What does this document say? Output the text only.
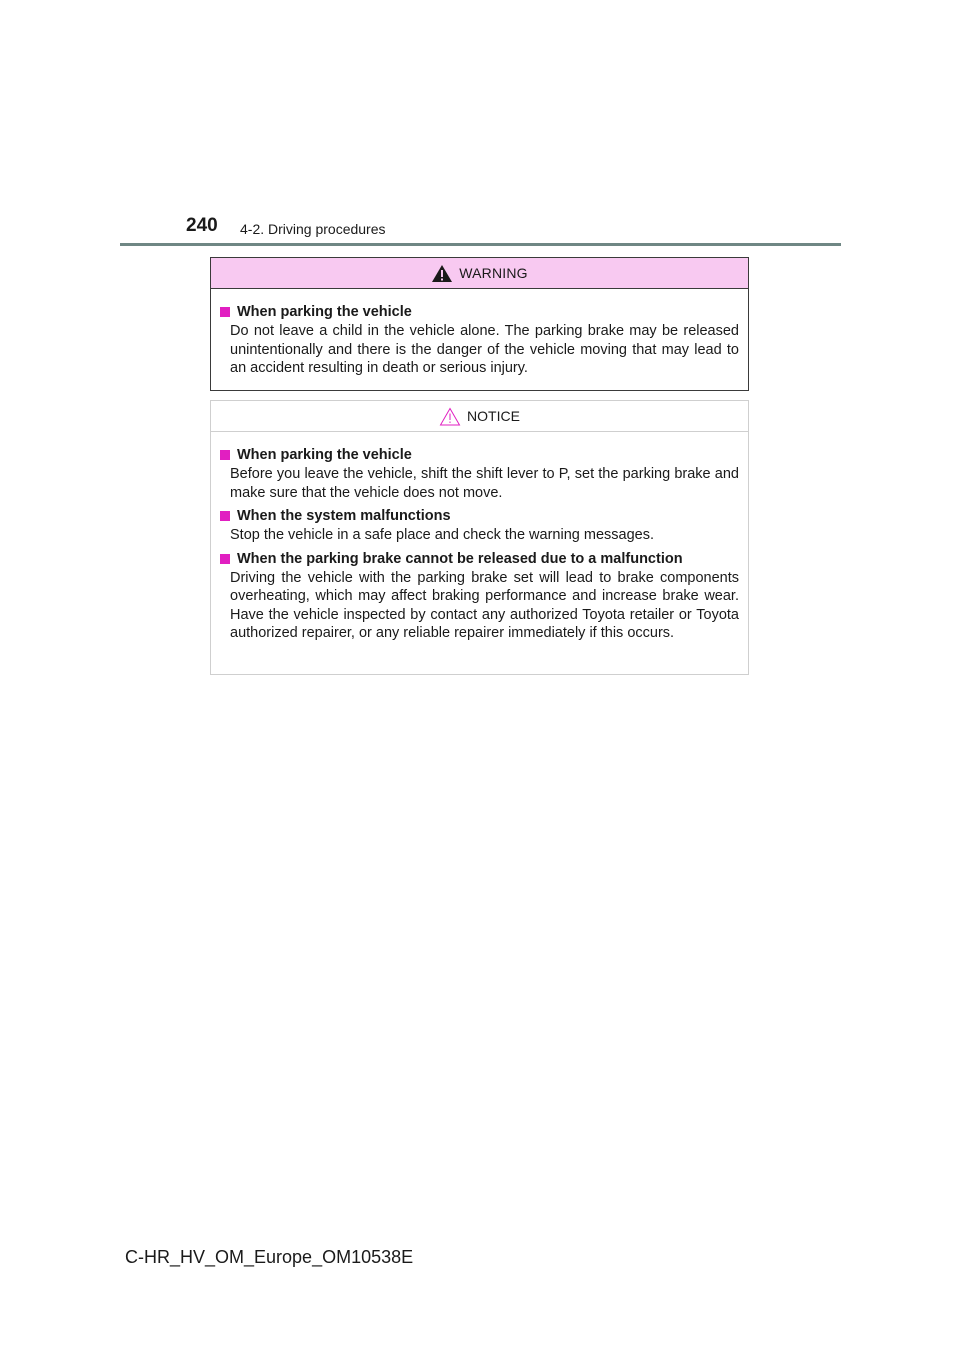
240 4-2. Driving procedures
WARNING
When parking the vehicle
Do not leave a child in the vehicle alone. The parking brake may be released unintentionally and there is the danger of the vehicle moving that may lead to an accident resulting in death or serious injury.
NOTICE
When parking the vehicle
Before you leave the vehicle, shift the shift lever to P, set the parking brake and make sure that the vehicle does not move.
When the system malfunctions
Stop the vehicle in a safe place and check the warning messages.
When the parking brake cannot be released due to a malfunction
Driving the vehicle with the parking brake set will lead to brake components overheating, which may affect braking performance and increase brake wear. Have the vehicle inspected by contact any authorized Toyota retailer or Toyota authorized repairer, or any reliable repairer immediately if this occurs.
C-HR_HV_OM_Europe_OM10538E
